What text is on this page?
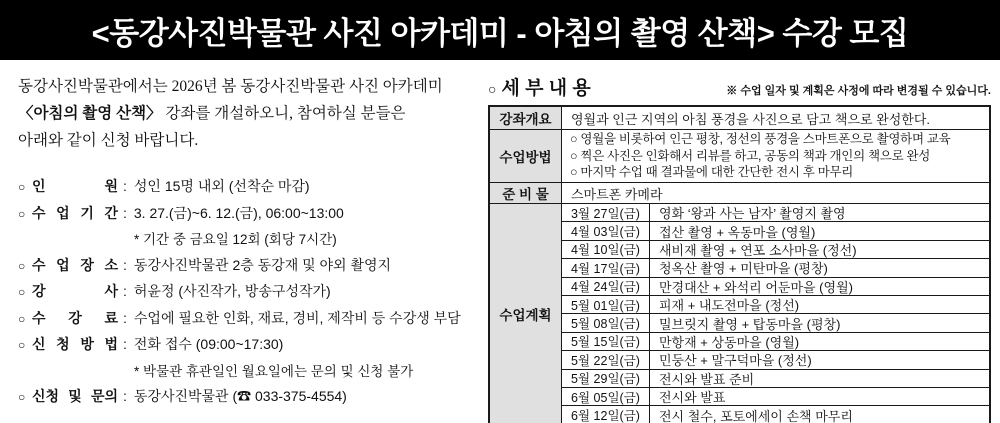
<동강사진박물관 사진 아카데미 - 아침의 촬영 산책> 수강 모집

동강사진박물관에서는 2026년 봄 동강사진박물관 사진 아카데미
〈아침의 촬영 산책〉 강좌를 개설하오니, 참여하실 분들은
아래와 같이 신청 바랍니다.

○ 인 원 : 성인 15명 내외 (선착순 마감)
○ 수 업 기 간 : 3. 27.(금)~6. 12.(금), 06:00~13:00
* 기간 중 금요일 12회 (회당 7시간)
○ 수 업 장 소 : 동강사진박물관 2층 동강재 및 야외 촬영지
○ 강 사 : 허윤정 (사진작가, 방송구성작가)
○ 수 강 료 : 수업에 필요한 인화, 재료, 경비, 제작비 등 수강생 부담
○ 신 청 방 법 : 전화 접수 (09:00~17:30)
* 박물관 휴관일인 월요일에는 문의 및 신청 불가
○ 신청 및 문의 : 동강사진박물관 (☎ 033-375-4554)
○ 세 부 내 용	※ 수업 일자 및 계획은 사정에 따라 변경될 수 있습니다.
강좌개요	영월과 인근 지역의 아침 풍경을 사진으로 담고 책으로 완성한다.
수업방법
○ 영월을 비롯하여 인근 평창, 정선의 풍경을 스마트폰으로 촬영하며 교육
○ 찍은 사진은 인화해서 리뷰를 하고, 공동의 책과 개인의 책으로 완성
○ 마지막 수업 때 결과물에 대한 간단한 전시 후 마무리
준 비 물	스마트폰 카메라
수업계획
3월 27일(금)	영화 ‘왕과 사는 남자’ 촬영지 촬영
4월 03일(금)	접산 촬영 + 옥동마을 (영월)
4월 10일(금)	새비재 촬영 + 연포 소사마을 (정선)
4월 17일(금)	청옥산 촬영 + 미탄마을 (평창)
4월 24일(금)	만경대산 + 와석리 어둔마을 (영월)
5월 01일(금)	피재 + 내도전마을 (정선)
5월 08일(금)	밀브릿지 촬영 + 탑동마을 (평창)
5월 15일(금)	만항재 + 상동마을 (영월)
5월 22일(금)	민둥산 + 말구덕마을 (정선)
5월 29일(금)	전시와 발표 준비
6월 05일(금)	전시와 발표
6월 12일(금)	전시 철수, 포토에세이 손책 마무리
